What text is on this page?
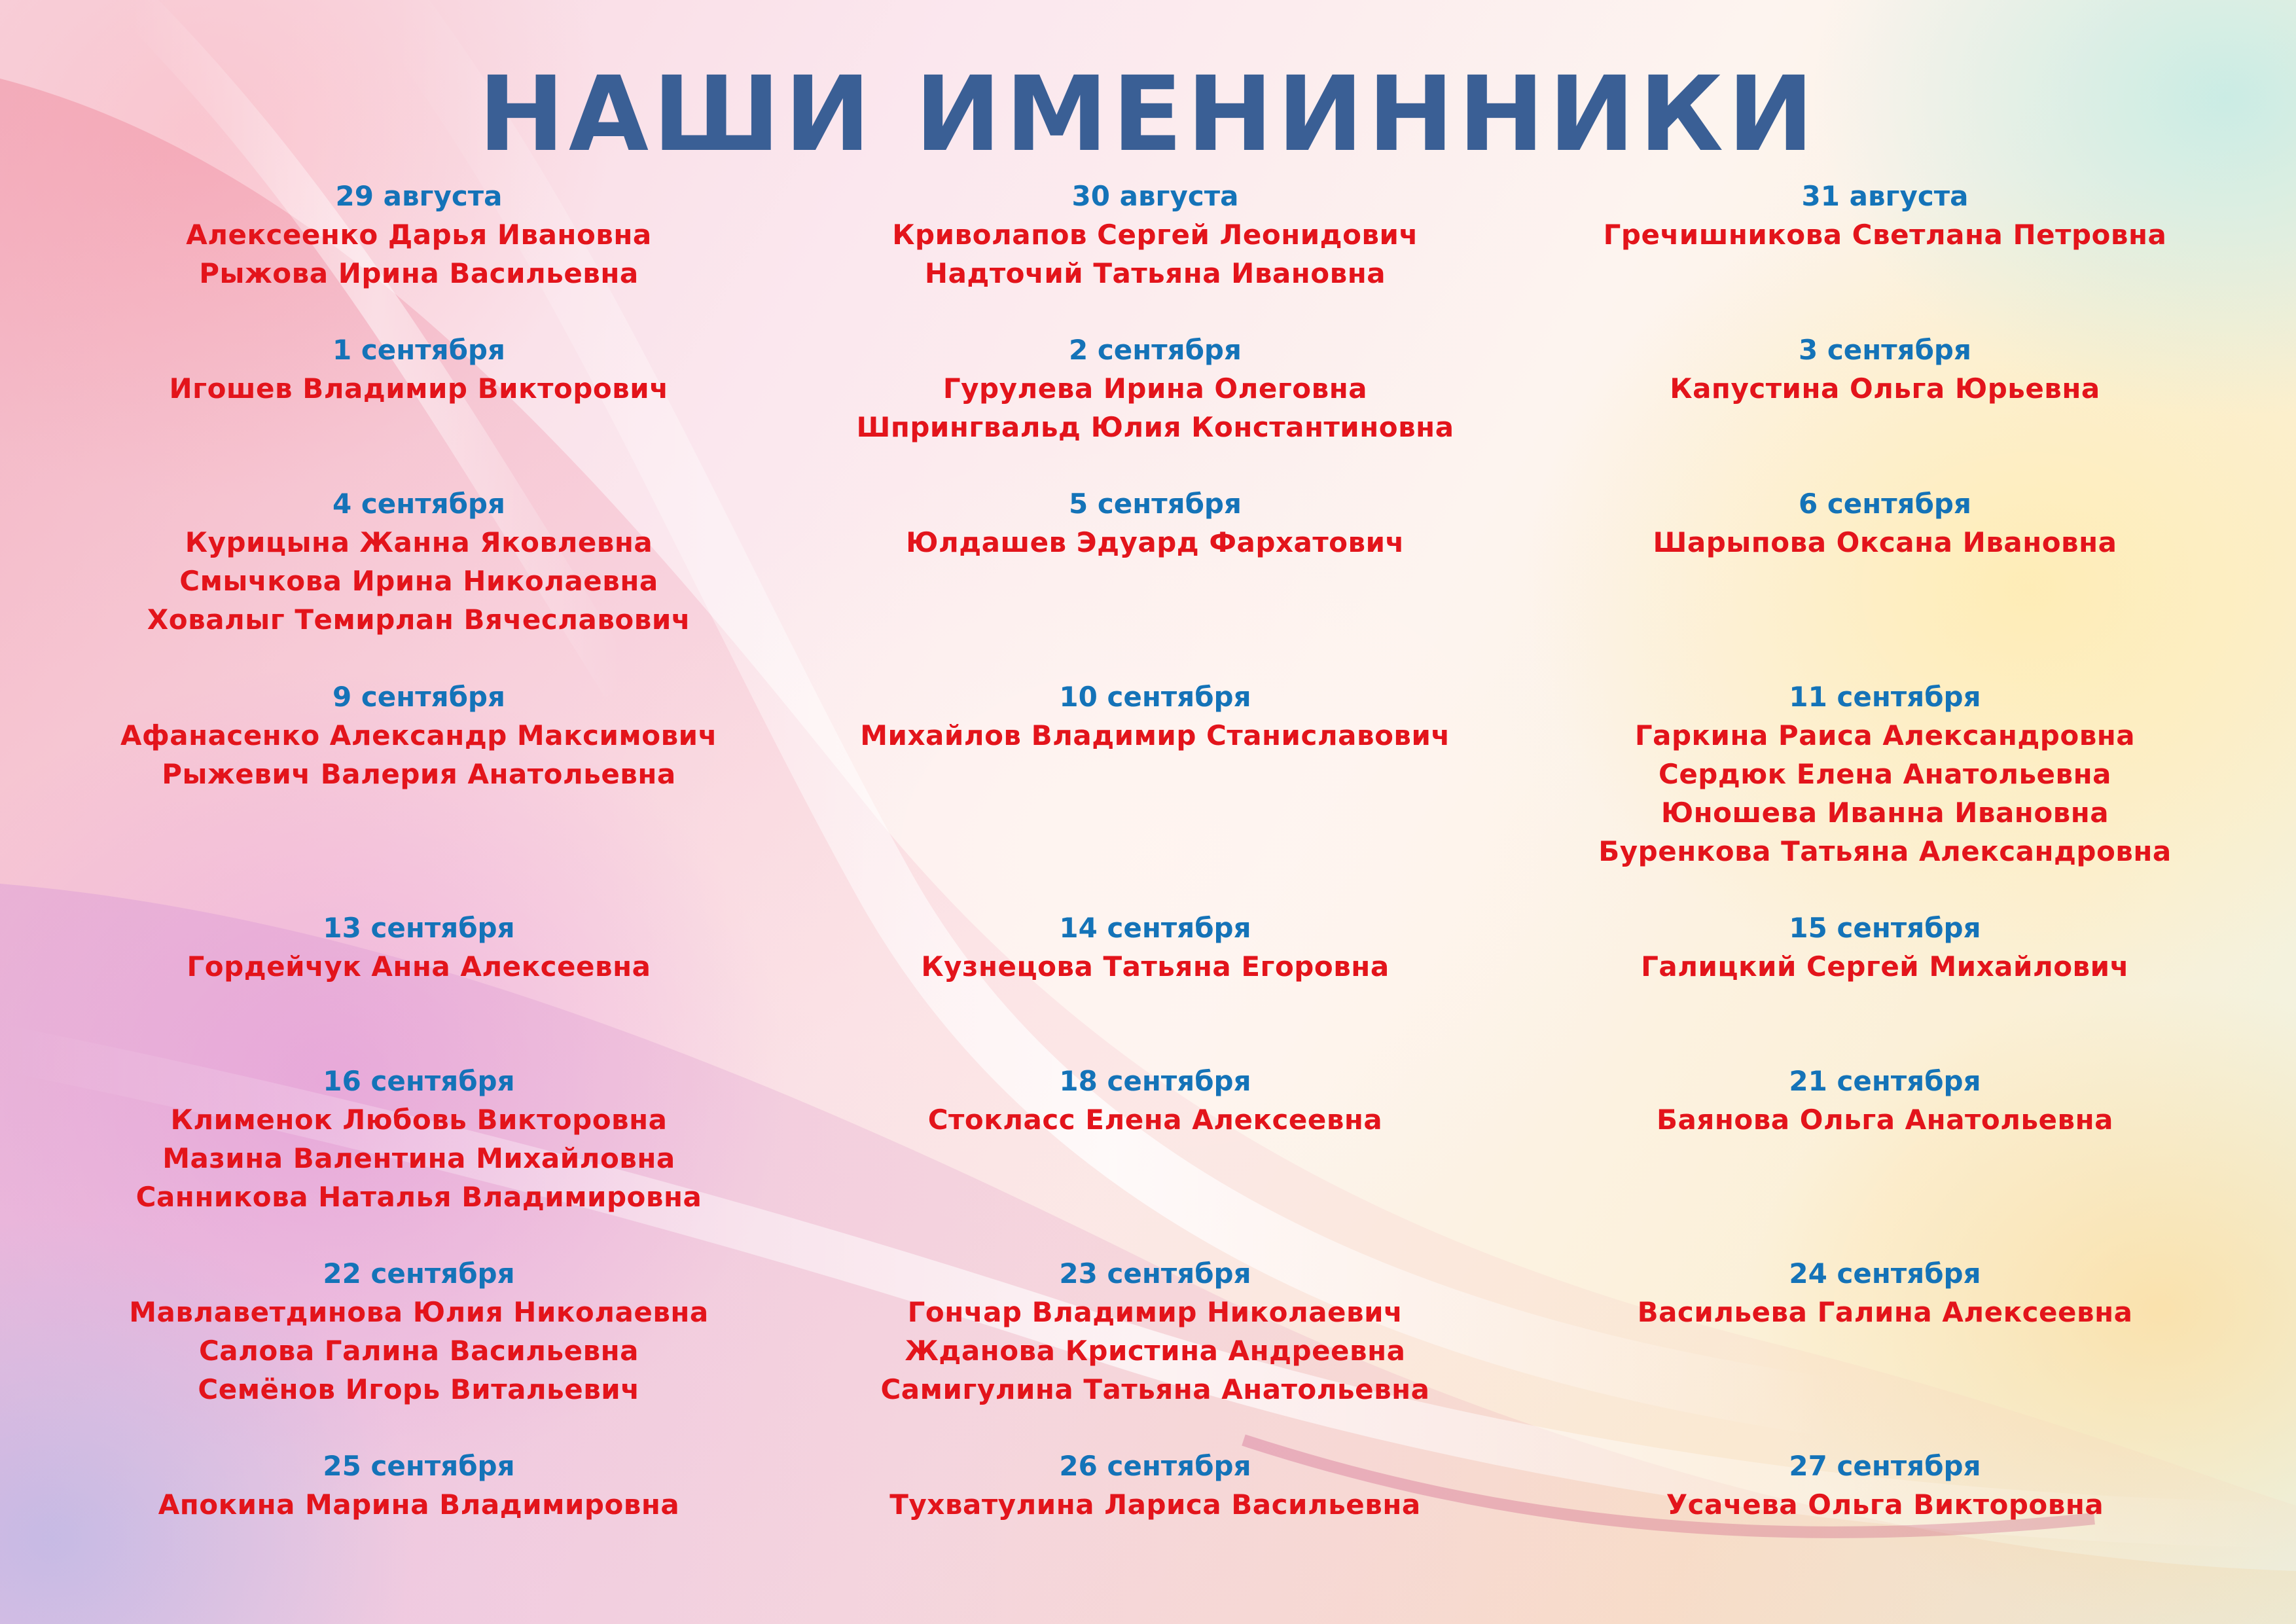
НАШИ ИМЕНИННИКИ
29 августа
Алексеенко Дарья Ивановна
Рыжова Ирина Васильевна
1 сентября
Игошев Владимир Викторович
4 сентября
Курицына Жанна Яковлевна
Смычкова Ирина Николаевна
Ховалыг Темирлан Вячеславович
9 сентября
Афанасенко Александр Максимович
Рыжевич Валерия Анатольевна
13 сентября
Гордейчук Анна Алексеевна
16 сентября
Клименок Любовь Викторовна
Мазина Валентина Михайловна
Санникова Наталья Владимировна
22 сентября
Мавлаветдинова Юлия Николаевна
Салова Галина Васильевна
Семёнов Игорь Витальевич
25 сентября
Апокина Марина Владимировна
30 августа
Криволапов Сергей Леонидович
Надточий Татьяна Ивановна
2 сентября
Гурулева Ирина Олеговна
Шпрингвальд Юлия Константиновна
5 сентября
Юлдашев Эдуард Фархатович
10 сентября
Михайлов Владимир Станиславович
14 сентября
Кузнецова Татьяна Егоровна
18 сентября
Стокласс Елена Алексеевна
23 сентября
Гончар Владимир Николаевич
Жданова Кристина Андреевна
Самигулина Татьяна Анатольевна
26 сентября
Тухватулина Лариса Васильевна
31 августа
Гречишникова Светлана Петровна
3 сентября
Капустина Ольга Юрьевна
6 сентября
Шарыпова Оксана Ивановна
11 сентября
Гаркина Раиса Александровна
Сердюк Елена Анатольевна
Юношева Иванна Ивановна
Буренкова Татьяна Александровна
15 сентября
Галицкий Сергей Михайлович
21 сентября
Баянова Ольга Анатольевна
24 сентября
Васильева Галина Алексеевна
27 сентября
Усачева Ольга Викторовна
